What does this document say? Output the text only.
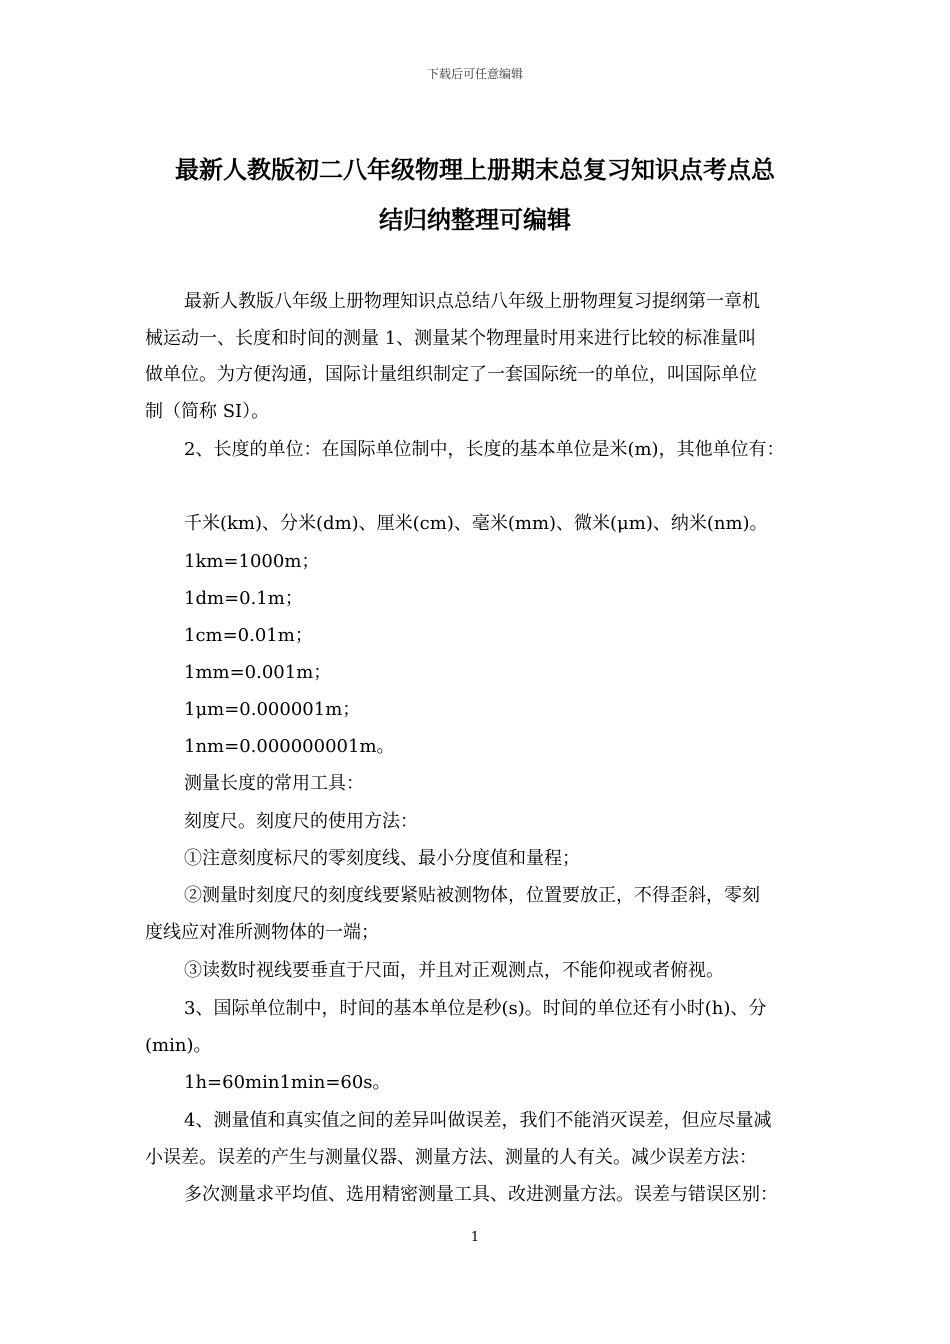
下载后可任意编辑
最新人教版初二八年级物理上册期末总复习知识点考点总
结归纳整理可编辑
最新人教版八年级上册物理知识点总结八年级上册物理复习提纲第一章机
械运动一、长度和时间的测量 1、测量某个物理量时用来进行比较的标准量叫
做单位。为方便沟通，国际计量组织制定了一套国际统一的单位，叫国际单位
制（简称 SI）。
2、长度的单位：在国际单位制中，长度的基本单位是米(m)，其他单位有：
千米(km)、分米(dm)、厘米(cm)、毫米(mm)、微米(μm)、纳米(nm)。
1km=1000m；
1dm=0.1m；
1cm=0.01m；
1mm=0.001m；
1μm=0.000001m；
1nm=0.000000001m。
测量长度的常用工具：
刻度尺。刻度尺的使用方法：
①注意刻度标尺的零刻度线、最小分度值和量程；
②测量时刻度尺的刻度线要紧贴被测物体，位置要放正，不得歪斜，零刻
度线应对准所测物体的一端；
③读数时视线要垂直于尺面，并且对正观测点，不能仰视或者俯视。
3、国际单位制中，时间的基本单位是秒(s)。时间的单位还有小时(h)、分
(min)。
1h=60min1min=60s。
4、测量值和真实值之间的差异叫做误差，我们不能消灭误差，但应尽量减
小误差。误差的产生与测量仪器、测量方法、测量的人有关。减少误差方法：
多次测量求平均值、选用精密测量工具、改进测量方法。误差与错误区别：
1
